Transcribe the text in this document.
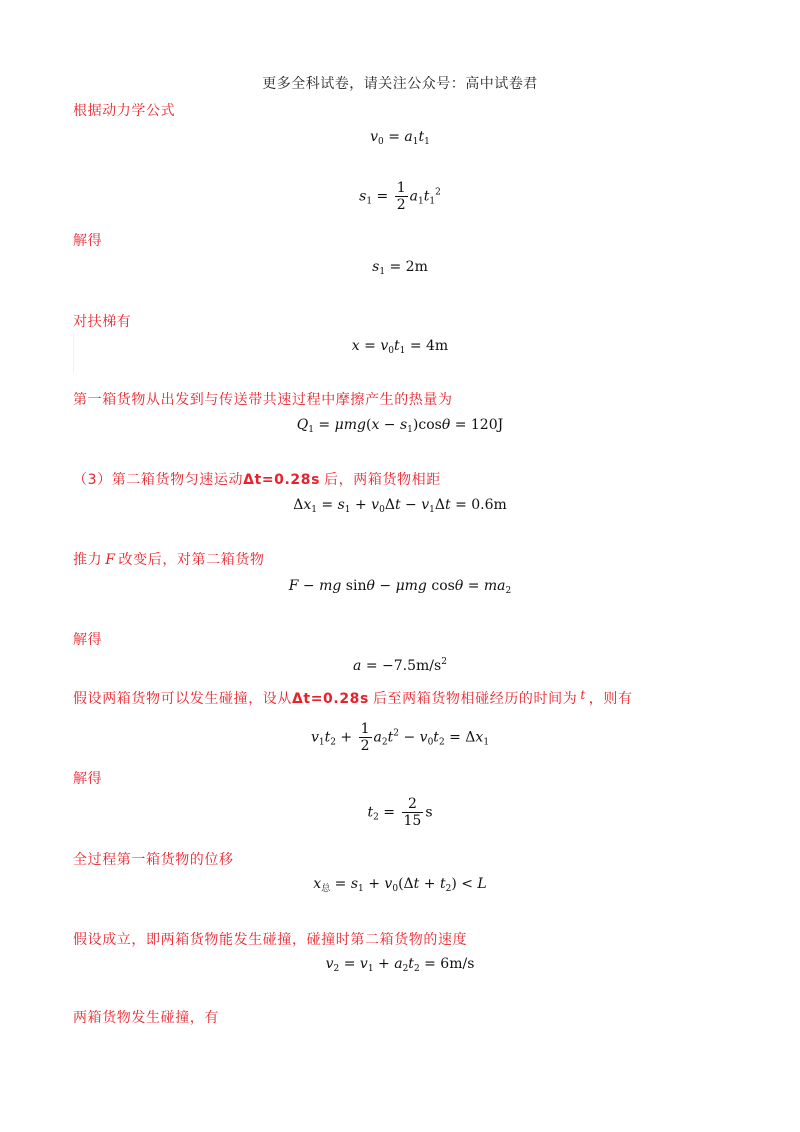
更多全科试卷，请关注公众号：高中试卷君
根据动力学公式
$v_0 = a_1t_1$
$s_1 = \frac{1}{2} a_1t_1^2$
解得
$s_1 = 2m$
对扶梯有
$x = v_0t_1 = 4m$
第一箱货物从出发到与传送带共速过程中摩擦产生的热量为
$Q_1 = \mu mg(x - s_1)\cos\theta = 120J$
（3）第二箱货物匀速运动Δt=0.28s 后，两箱货物相距
$\Delta x_1 = s_1 + v_0\Delta t - v_1\Delta t = 0.6m$
推力 F 改变后，对第二箱货物
F − mg sinθ − μmg $\cos\theta = ma_2$
解得
$a = -7.5m/s^2$
假设两箱货物可以发生碰撞，设从Δt=0.28s 后至两箱货物相碰经历的时间为 t ，则有
$v_1t_2 + \frac{1}{2} a_2t^2 - v_0t_2 = \Delta x_1$
解得
$t_2 = \frac{2}{15}$ s
全过程第一箱货物的位移
$x_总 = s_1 + v_0(\Delta t + t_2) < L$
假设成立，即两箱货物能发生碰撞，碰撞时第二箱货物的速度
$v_2 = v_1 + a_2t_2 = 6m/s$
两箱货物发生碰撞，有
